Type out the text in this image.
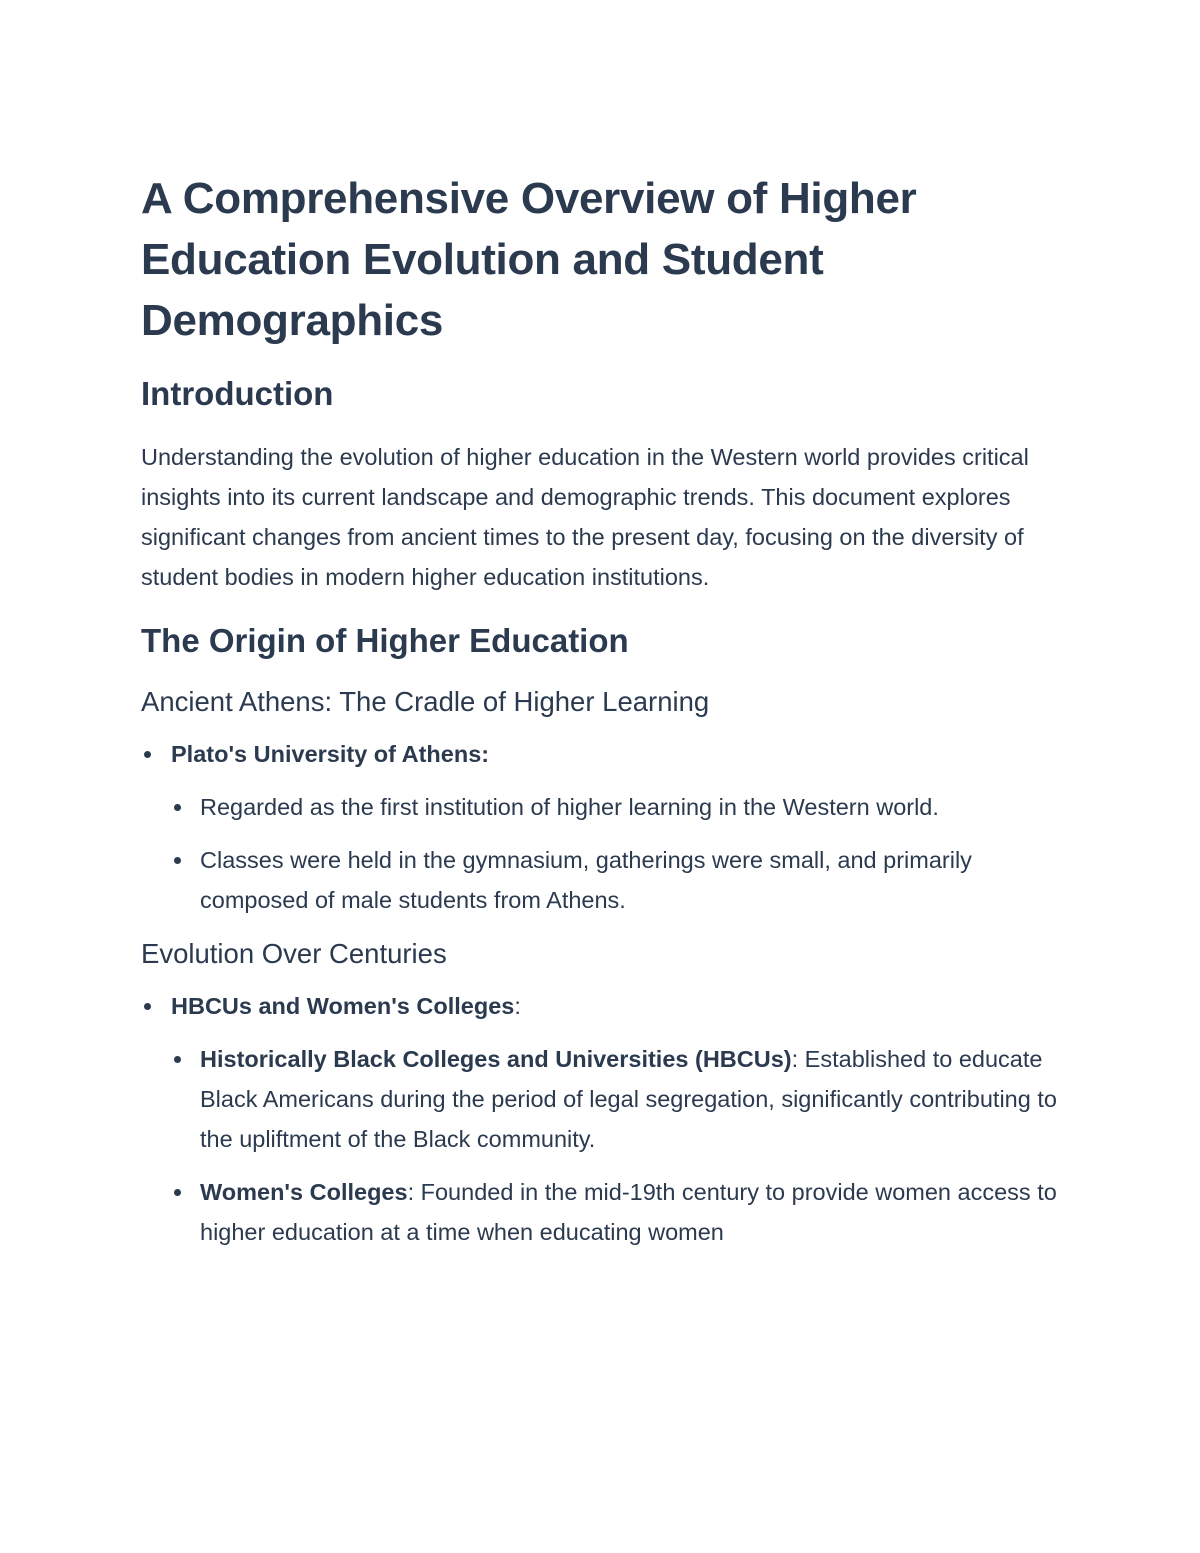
A Comprehensive Overview of Higher Education Evolution and Student Demographics
Introduction

Understanding the evolution of higher education in the Western world provides critical insights into its current landscape and demographic trends. This document explores significant changes from ancient times to the present day, focusing on the diversity of student bodies in modern higher education institutions.

The Origin of Higher Education
Ancient Athens: The Cradle of Higher Learning
Plato's University of Athens:
Regarded as the first institution of higher learning in the Western world.
Classes were held in the gymnasium, gatherings were small, and primarily composed of male students from Athens.
Evolution Over Centuries
HBCUs and Women's Colleges:
Historically Black Colleges and Universities (HBCUs): Established to educate Black Americans during the period of legal segregation, significantly contributing to the upliftment of the Black community.
Women's Colleges: Founded in the mid-19th century to provide women access to higher education at a time when educating women
